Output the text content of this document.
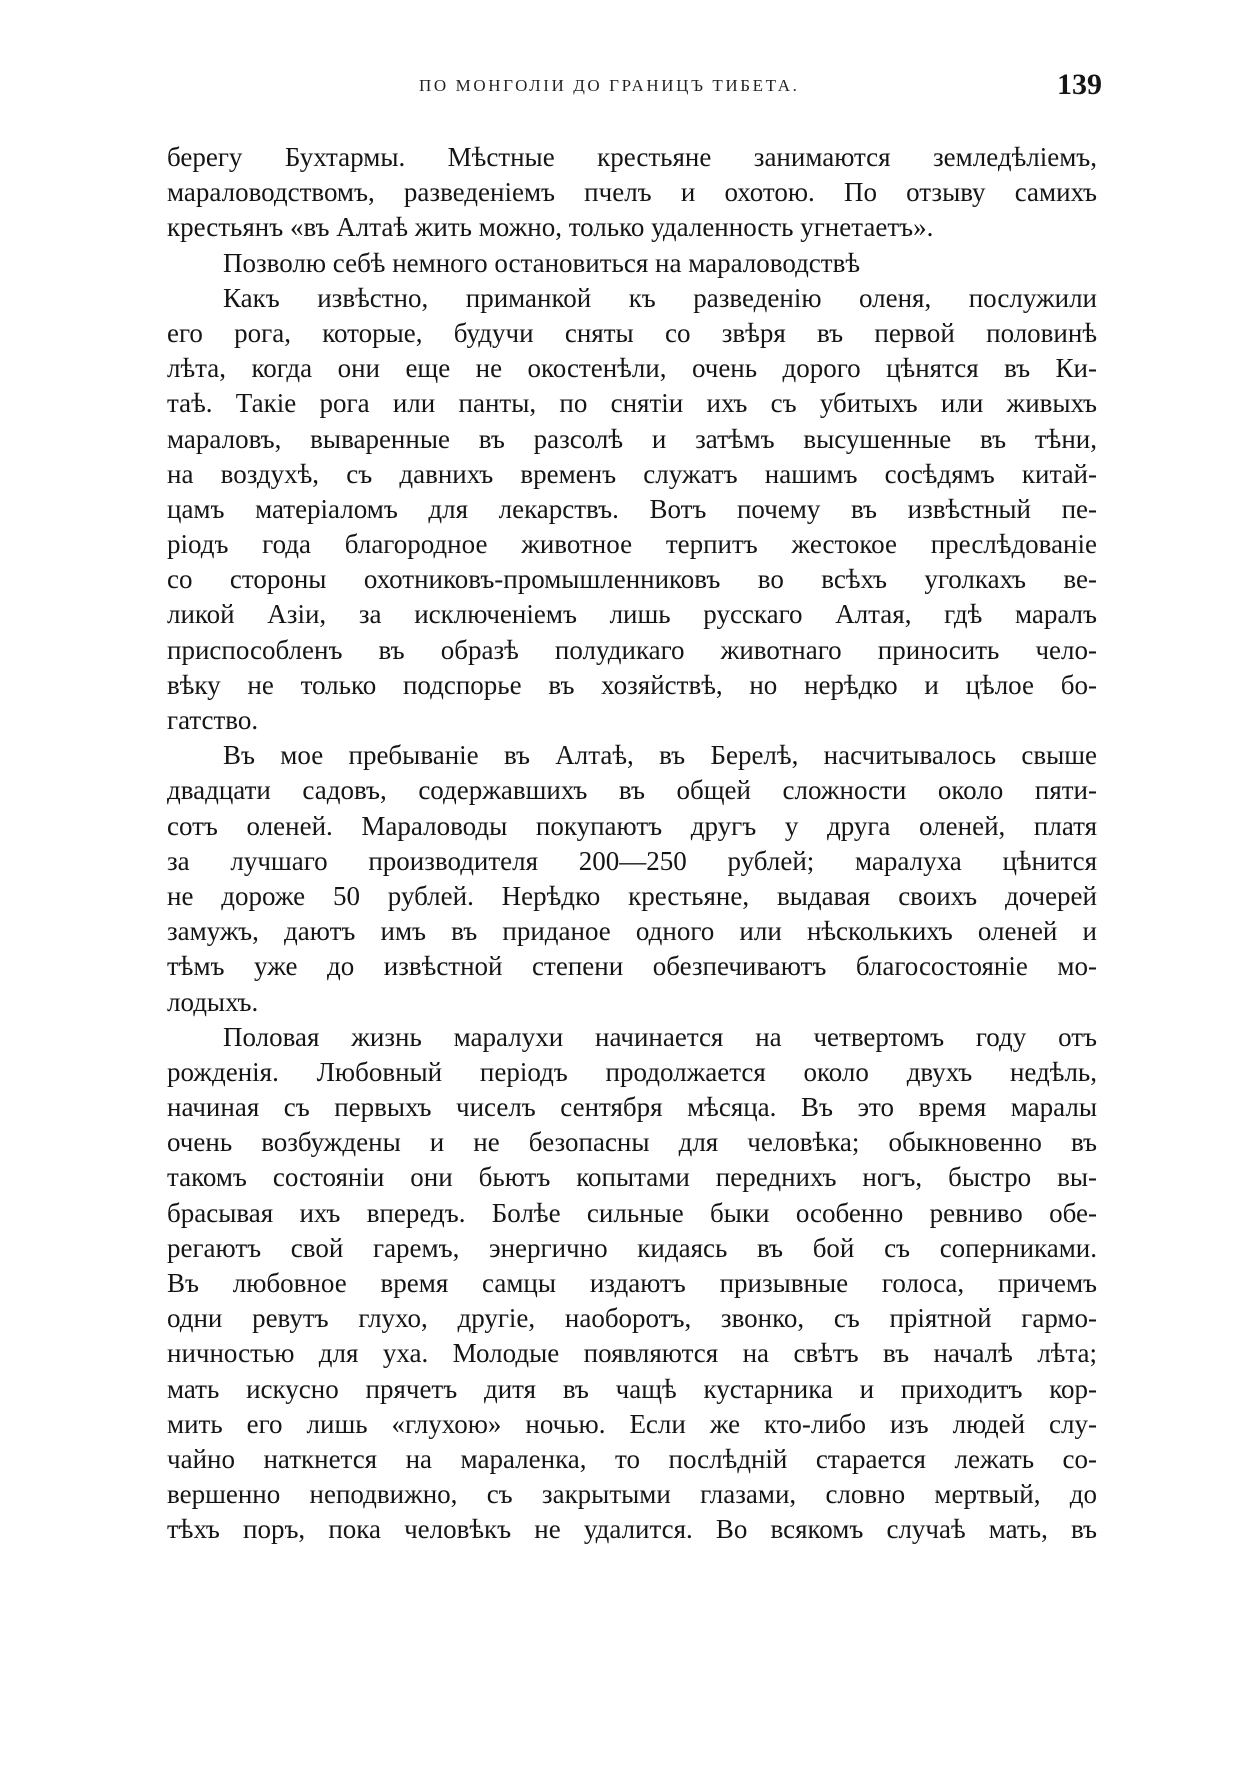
ПО МОНГОЛІИ ДО ГРАНИЦЪ ТИБЕТА.	139
берегу Бухтармы. Мѣстные крестьяне занимаются земледѣліемъ,
мараловодствомъ, разведеніемъ пчелъ и охотою. По отзыву самихъ
крестьянъ «въ Алтаѣ жить можно, только удаленность угнетаетъ».
Позволю себѣ немного остановиться на мараловодствѣ
Какъ извѣстно, приманкой къ разведенію оленя, послужили
его рога, которые, будучи сняты со звѣря въ первой половинѣ
лѣта, когда они еще не окостенѣли, очень дорого цѣнятся въ Ки-
таѣ. Такіе рога или панты, по снятіи ихъ съ убитыхъ или живыхъ
мараловъ, вываренные въ разсолѣ и затѣмъ высушенные въ тѣни,
на воздухѣ, съ давнихъ временъ служатъ нашимъ сосѣдямъ китай-
цамъ матеріаломъ для лекарствъ. Вотъ почему въ извѣстный пе-
ріодъ года благородное животное терпитъ жестокое преслѣдованіе
со стороны охотниковъ-промышленниковъ во всѣхъ уголкахъ ве-
ликой Азіи, за исключеніемъ лишь русскаго Алтая, гдѣ маралъ
приспособленъ въ образѣ полудикаго животнаго приносить чело-
вѣку не только подспорье въ хозяйствѣ, но нерѣдко и цѣлое бо-
гатство.
Въ мое пребываніе въ Алтаѣ, въ Берелѣ, насчитывалось свыше
двадцати садовъ, содержавшихъ въ общей сложности около пяти-
сотъ оленей. Мараловоды покупаютъ другъ у друга оленей, платя
за лучшаго производителя 200—250 рублей; маралуха цѣнится
не дороже 50 рублей. Нерѣдко крестьяне, выдавая своихъ дочерей
замужъ, даютъ имъ въ приданое одного или нѣсколькихъ оленей и
тѣмъ уже до извѣстной степени обезпечиваютъ благосостояніе мо-
лодыхъ.
Половая жизнь маралухи начинается на четвертомъ году отъ
рожденія. Любовный періодъ продолжается около двухъ недѣль,
начиная съ первыхъ чиселъ сентября мѣсяца. Въ это время маралы
очень возбуждены и не безопасны для человѣка; обыкновенно въ
такомъ состояніи они бьютъ копытами переднихъ ногъ, быстро вы-
брасывая ихъ впередъ. Болѣе сильные быки особенно ревниво обе-
регаютъ свой гаремъ, энергично кидаясь въ бой съ соперниками.
Въ любовное время самцы издаютъ призывные голоса, причемъ
одни ревутъ глухо, другіе, наоборотъ, звонко, съ пріятной гармо-
ничностью для уха. Молодые появляются на свѣтъ въ началѣ лѣта;
мать искусно прячетъ дитя въ чащѣ кустарника и приходитъ кор-
мить его лишь «глухою» ночью. Если же кто-либо изъ людей слу-
чайно наткнется на мараленка, то послѣдній старается лежать со-
вершенно неподвижно, съ закрытыми глазами, словно мертвый, до
тѣхъ поръ, пока человѣкъ не удалится. Во всякомъ случаѣ мать, въ
